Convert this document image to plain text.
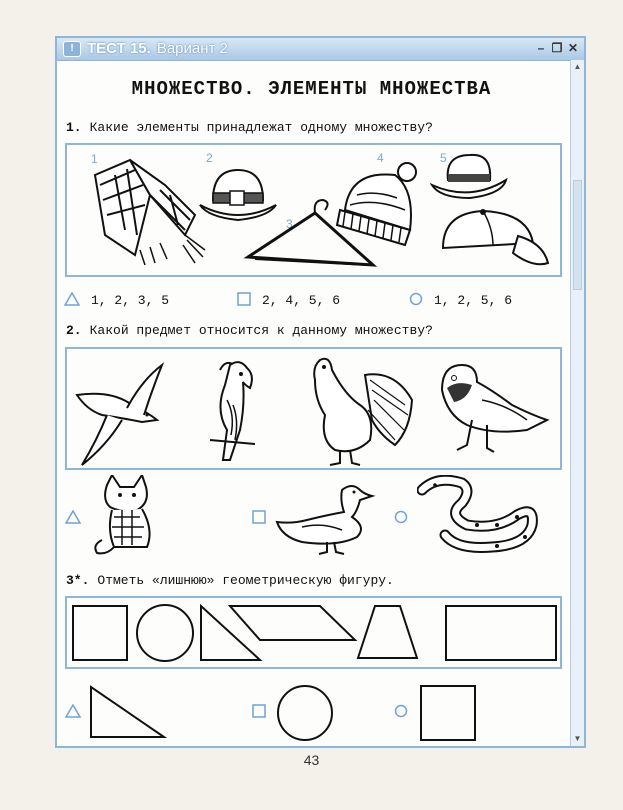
! ТЕСТ 15. Вариант 2	– ❐ ✕
▲
▼
МНОЖЕСТВО. ЭЛЕМЕНТЫ МНОЖЕСТВА
1. Какие элементы принадлежат одному множеству?
1	2
3
4	5
1, 2, 3, 5	2, 4, 5, 6	1, 2, 5, 6
2. Какой предмет относится к данному множеству?
3*. Отметь «лишнюю» геометрическую фигуру.
43
